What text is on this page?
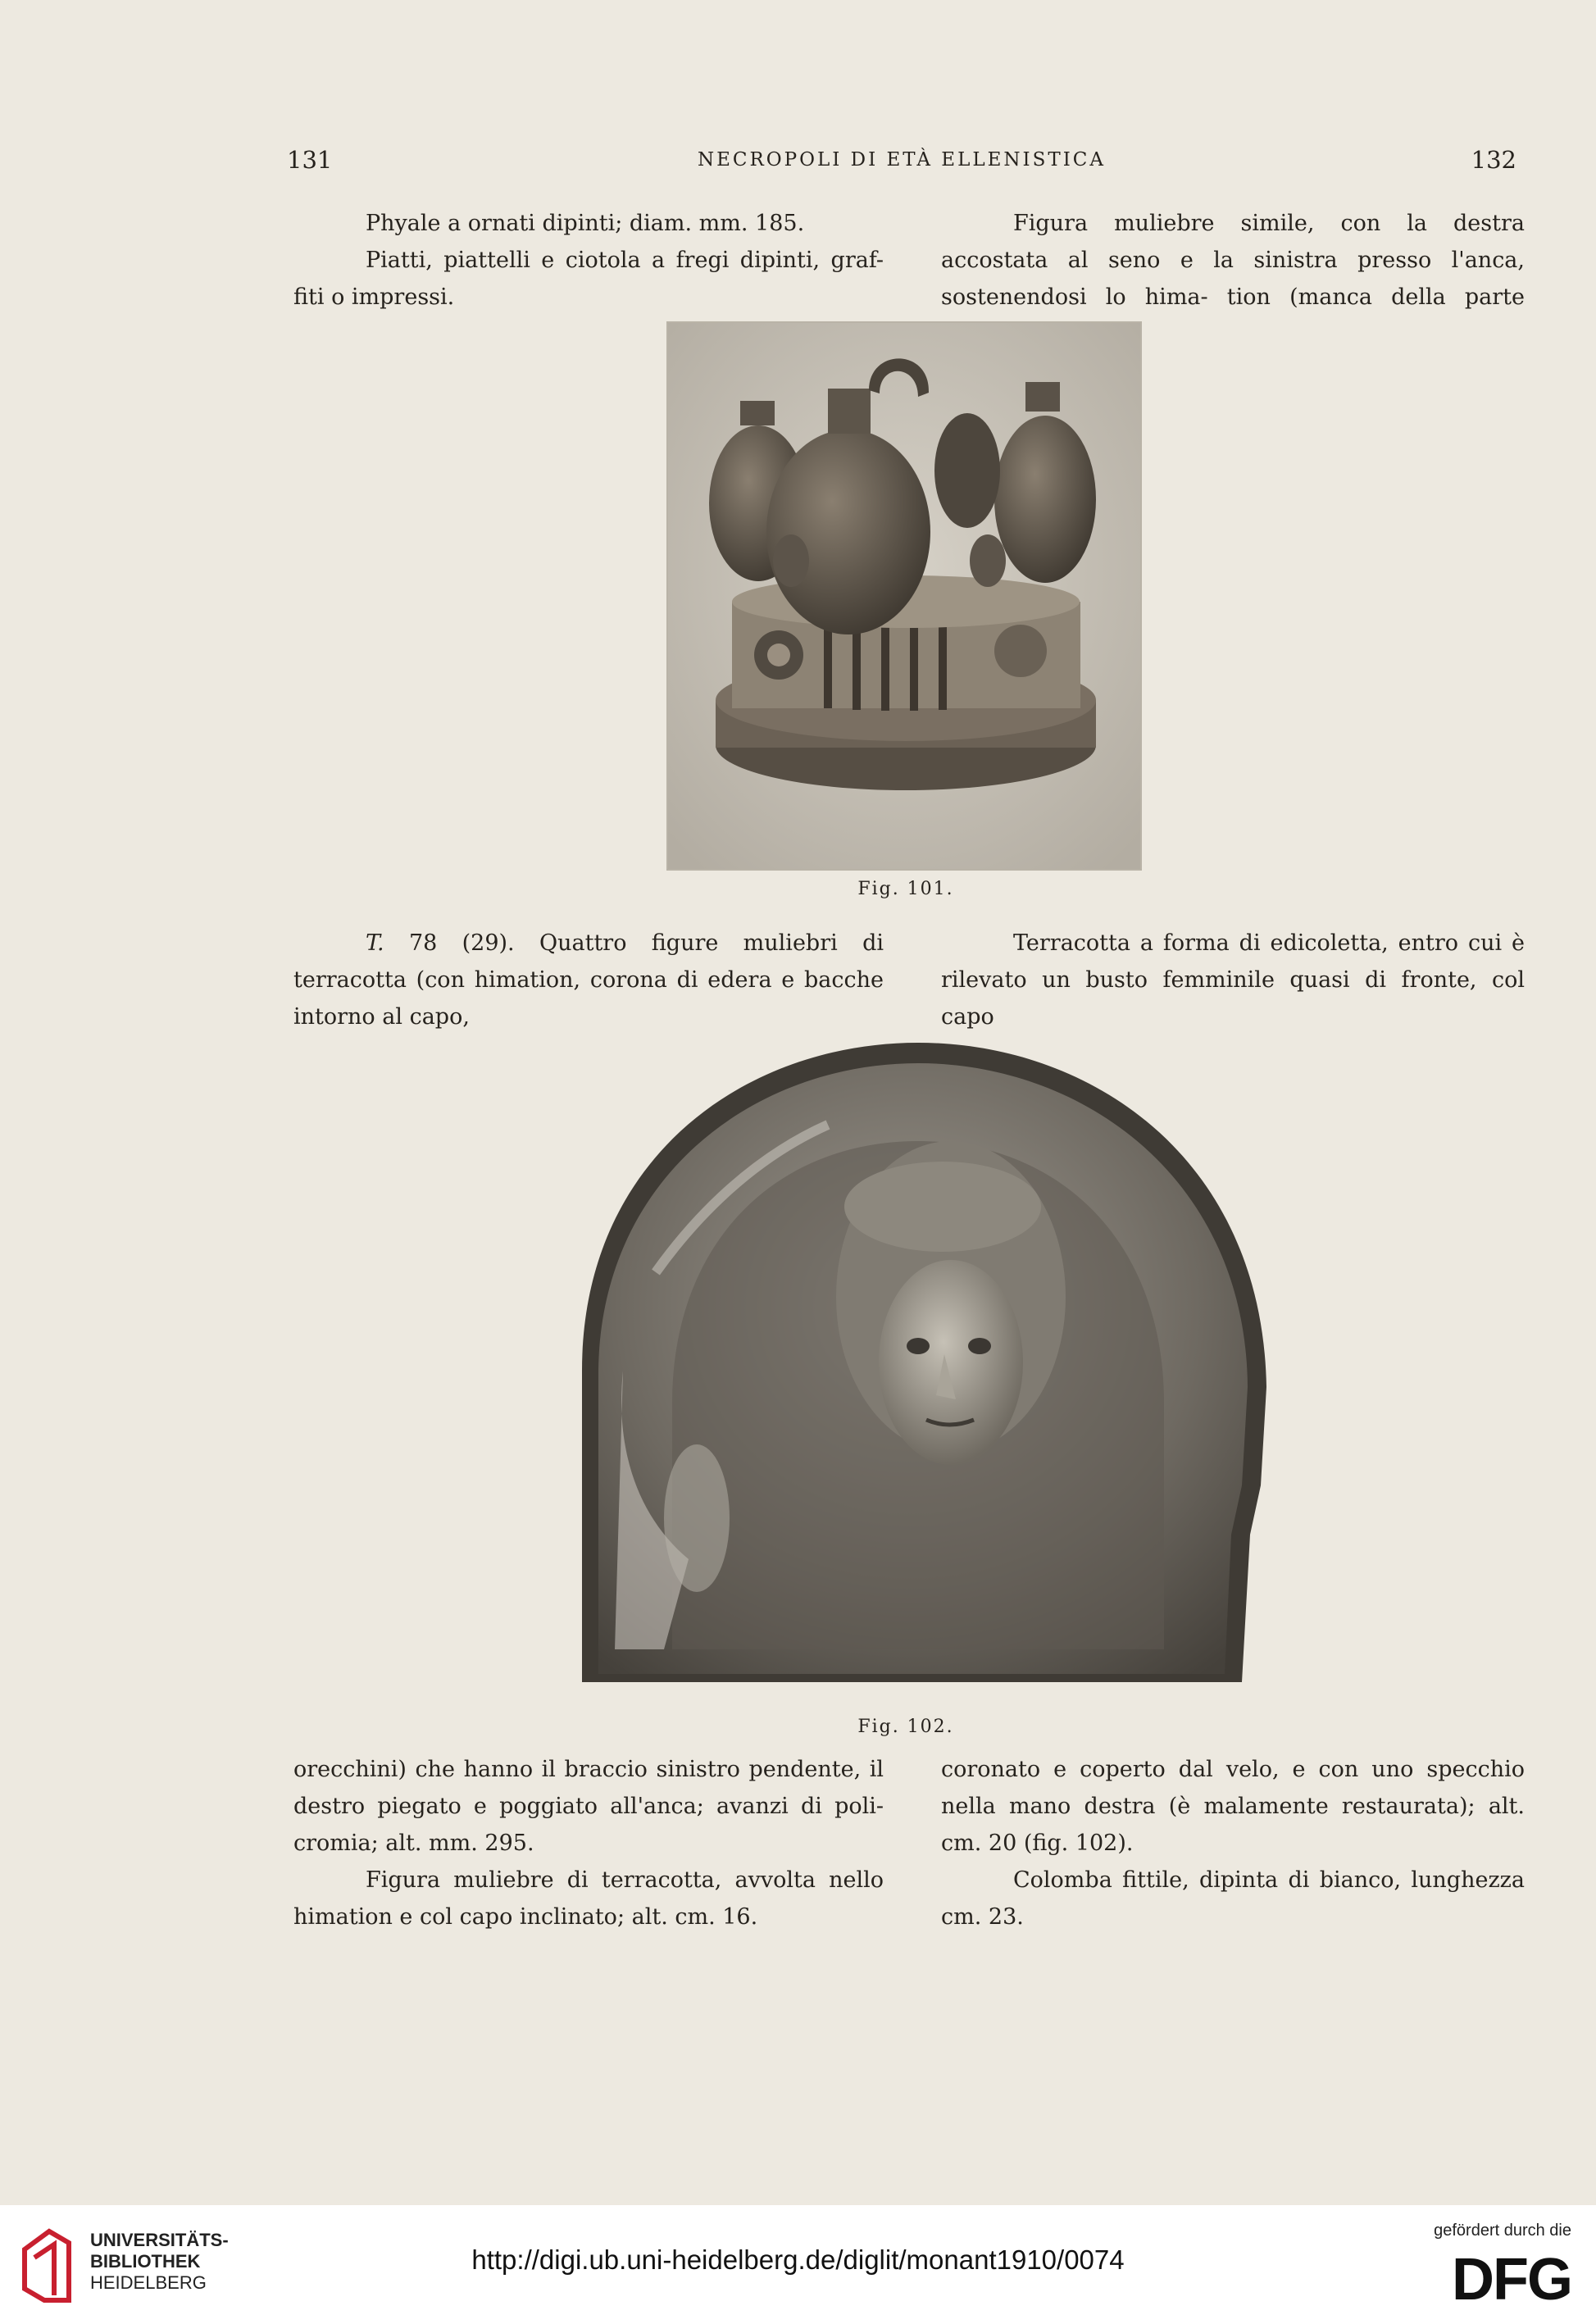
131	NECROPOLI DI ETÀ ELLENISTICA	132

Phyale a ornati dipinti; diam. mm. 185.

Piatti, piattelli e ciotola a fregi dipinti, graf- fiti o impressi.

Figura muliebre simile, con la destra accostata al seno e la sinistra presso l'anca, sostenendosi lo hima- tion (manca della parte

Fig. 101.

T. 78 (29). Quattro figure muliebri di terracotta (con himation, corona di edera e bacche intorno al capo,

Terracotta a forma di edicoletta, entro cui è rilevato un busto femminile quasi di fronte, col capo

Fig. 102.

orecchini) che hanno il braccio sinistro pendente, il destro piegato e poggiato all'anca; avanzi di poli- cromia; alt. mm. 295.

Figura muliebre di terracotta, avvolta nello himation e col capo inclinato; alt. cm. 16.

coronato e coperto dal velo, e con uno specchio nella mano destra (è malamente restaurata); alt. cm. 20 (fig. 102).

Colomba fittile, dipinta di bianco, lunghezza cm. 23.

UNIVERSITÄTS-
BIBLIOTHEK
HEIDELBERG
http://digi.ub.uni-heidelberg.de/diglit/monant1910/0074
gefördert durch die
DFG
